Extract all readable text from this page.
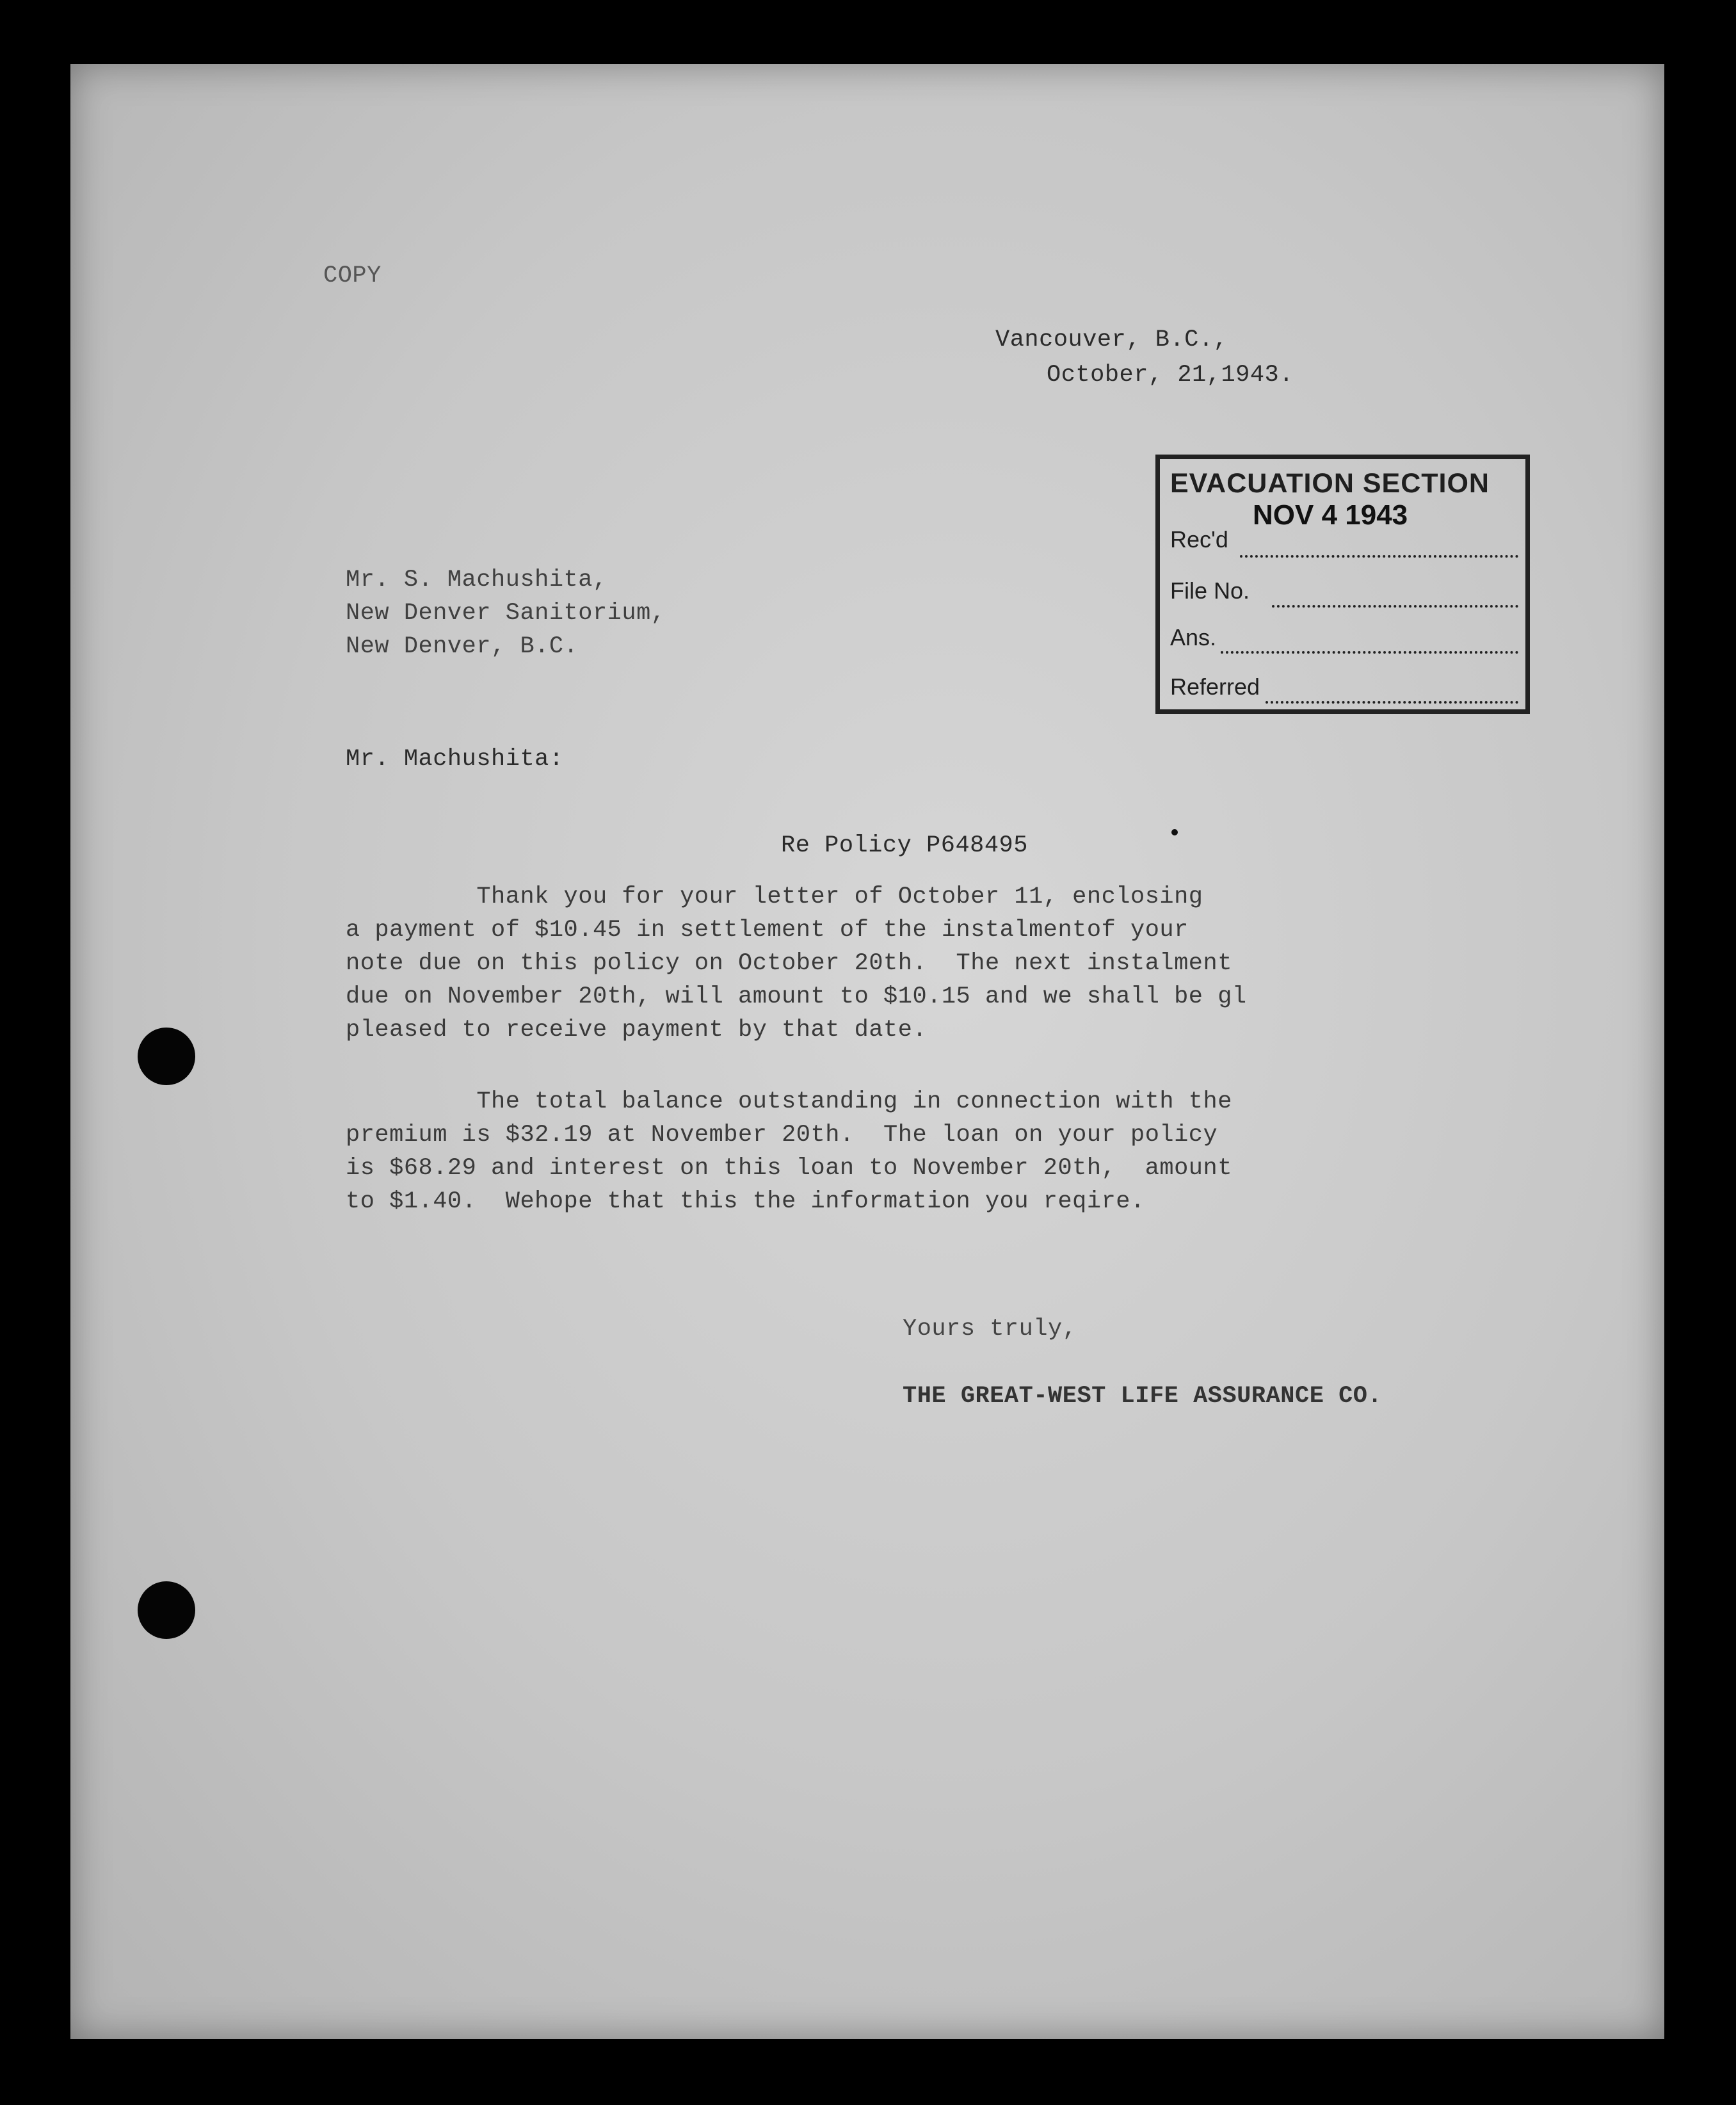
COPY

Vancouver, B.C.,

October, 21,1943.

EVACUATION SECTION
NOV 4 1943
Rec'd
File No.
Ans.
Referred
Mr. S. Machushita,
New Denver Sanitorium,
New Denver, B.C.

Mr. Machushita:

Re Policy P648495

Thank you for your letter of October 11, enclosing
a payment of $10.45 in settlement of the instalmentof your
note due on this policy on October 20th.  The next instalment
due on November 20th, will amount to $10.15 and we shall be gl
pleased to receive payment by that date.
The total balance outstanding in connection with the
premium is $32.19 at November 20th.  The loan on your policy
is $68.29 and interest on this loan to November 20th,  amount
to $1.40.  Wehope that this the information you reqire.

Yours truly,

THE GREAT-WEST LIFE ASSURANCE CO.
